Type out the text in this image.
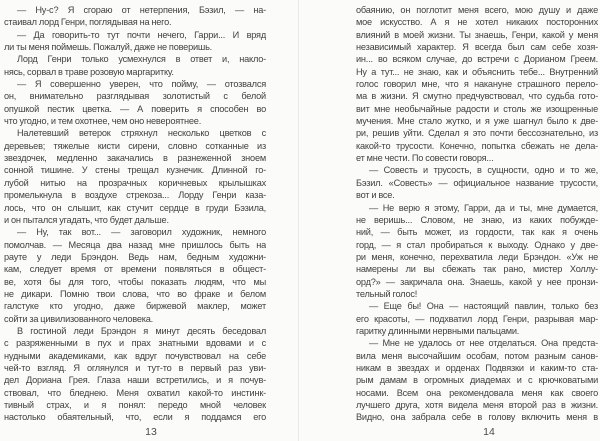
— Ну-с? Я сгораю от нетерпения, Бэзил, — на-
стаивал лорд Генри, поглядывая на него.
— Да говорить-то тут почти нечего, Гарри... И вряд
ли ты меня поймешь. Пожалуй, даже не поверишь.
Лорд Генри только усмехнулся в ответ и, накло-
нясь, сорвал в траве розовую маргаритку.
— Я совершенно уверен, что пойму, — отозвался
он, внимательно разглядывая золотистый с белой
опушкой пестик цветка. — А поверить я способен во
что угодно, и тем охотнее, чем оно невероятнее.
Налетевший ветерок стряхнул несколько цветков с
деревьев; тяжелые кисти сирени, словно сотканные из
звездочек, медленно закачались в разнеженной зноем
сонной тишине. У стены трещал кузнечик. Длинной го-
лубой нитью на прозрачных коричневых крылышках
промелькнула в воздухе стрекоза... Лорду Генри каза-
лось, что он слышит, как стучит сердце в груди Бэзила,
и он пытался угадать, что будет дальше.
— Ну, так вот... — заговорил художник, немного
помолчав. — Месяца два назад мне пришлось быть на
рауте у леди Брэндон. Ведь нам, бедным художни-
кам, следует время от времени появляться в общест-
ве, хотя бы для того, чтобы показать людям, что мы
не дикари. Помню твои слова, что во фраке и белом
галстуке кто угодно, даже биржевой маклер, может
сойти за цивилизованного человека.
В гостиной леди Брэндон я минут десять беседовал
с разряженными в пух и прах знатными вдовами и с
нудными академиками, как вдруг почувствовал на себе
чей-то взгляд. Я оглянулся и тут-то в первый раз уви-
дел Дориана Грея. Глаза наши встретились, и я почув-
ствовал, что бледнею. Меня охватил какой-то инстинк-
тивный страх, и я понял: передо мной человек
настолько обаятельный, что, если я поддамся его
обаянию, он поглотит меня всего, мою душу и даже
мое искусство. А я не хотел никаких посторонних
влияний в моей жизни. Ты знаешь, Генри, какой у меня
независимый характер. Я всегда был сам себе хозя-
ин... во всяком случае, до встречи с Дорианом Греем.
Ну а тут... не знаю, как и объяснить тебе... Внутренний
голос говорил мне, что я накануне страшного перело-
ма в жизни. Я смутно предчувствовал, что судьба гото-
вит мне необычайные радости и столь же изощренные
мучения. Мне стало жутко, и я уже шагнул было к две-
ри, решив уйти. Сделал я это почти бессознательно, из
какой-то трусости. Конечно, попытка сбежать не дела-
ет мне чести. По совести говоря...
— Совесть и трусость, в сущности, одно и то же,
Бэзил. «Совесть» — официальное название трусости,
вот и все.
— Не верю я этому, Гарри, да и ты, мне думается,
не веришь... Словом, не знаю, из каких побужде-
ний, — быть может, из гордости, так как я очень
горд, — я стал пробираться к выходу. Однако у две-
ри меня, конечно, перехватила леди Брэндон. «Уж не
намерены ли вы сбежать так рано, мистер Холлу-
орд?» — закричала она. Знаешь, какой у нее пронзи-
тельный голос!
— Еще бы! Она — настоящий павлин, только без
его красоты, — подхватил лорд Генри, разрывая мар-
гаритку длинными нервными пальцами.
— Мне не удалось от нее отделаться. Она предста-
вила меня высочайшим особам, потом разным санов-
никам в звездах и орденах Подвязки и каким-то ста-
рым дамам в огромных диадемах и с крючковатыми
носами. Всем она рекомендовала меня как своего
лучшего друга, хотя видела меня второй раз в жизни.
Видно, она забрала себе в голову включить меня в
13	14
